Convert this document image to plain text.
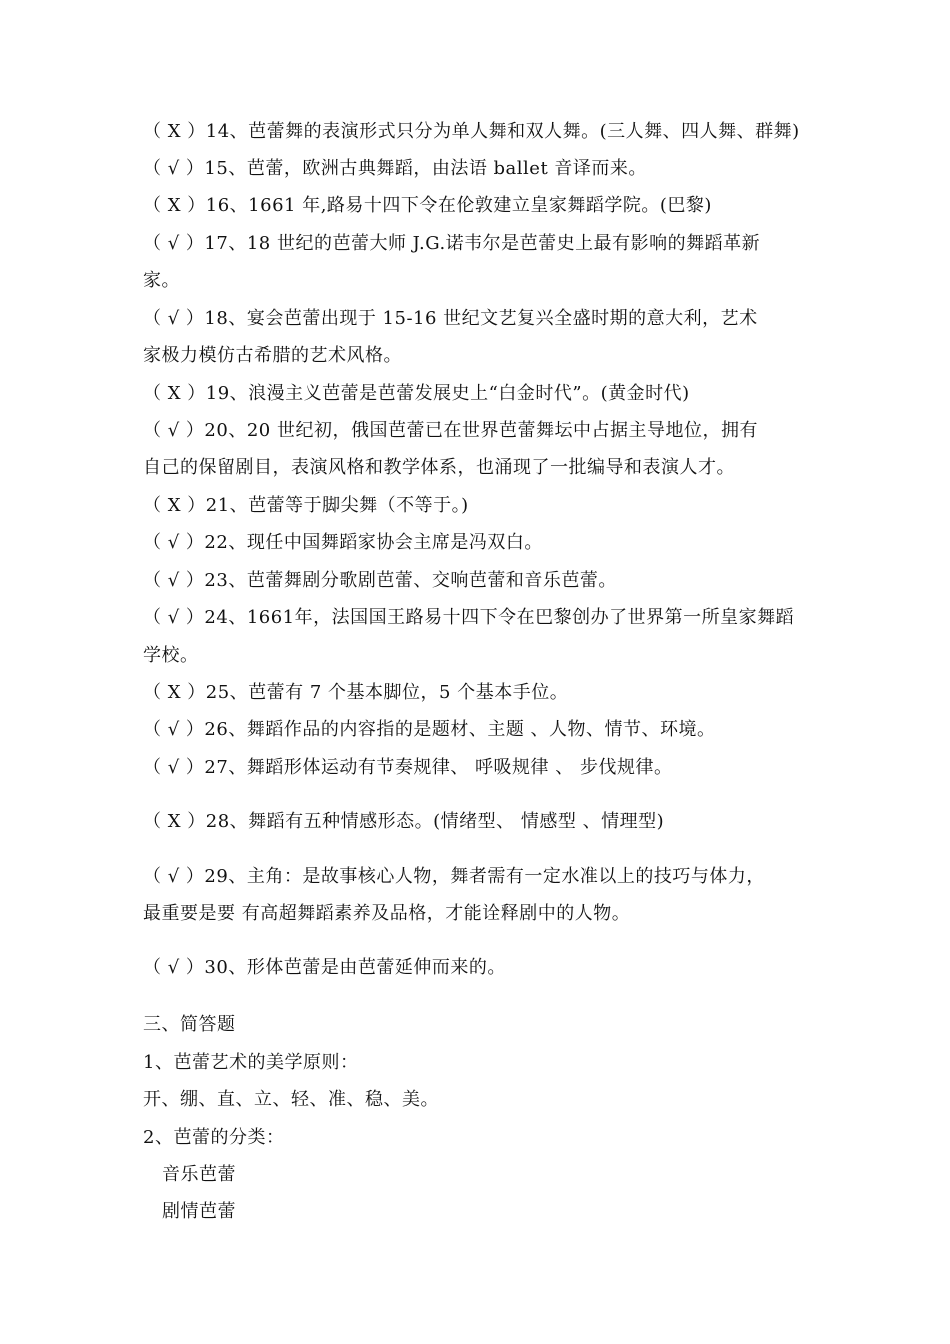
（ X ）14、芭蕾舞的表演形式只分为单人舞和双人舞。(三人舞、四人舞、群舞)
（ √ ）15、芭蕾，欧洲古典舞蹈，由法语 ballet 音译而来。
（ X ）16、1661 年,路易十四下令在伦敦建立皇家舞蹈学院。(巴黎)
（ √ ）17、18 世纪的芭蕾大师 J.G.诺韦尔是芭蕾史上最有影响的舞蹈革新
家。
（ √ ）18、宴会芭蕾出现于 15-16 世纪文艺复兴全盛时期的意大利，艺术
家极力模仿古希腊的艺术风格。
（ X ）19、浪漫主义芭蕾是芭蕾发展史上“白金时代”。(黄金时代)
（ √ ）20、20 世纪初，俄国芭蕾已在世界芭蕾舞坛中占据主导地位，拥有
自己的保留剧目，表演风格和教学体系，也涌现了一批编导和表演人才。
（ X ）21、芭蕾等于脚尖舞（不等于。)
（ √ ）22、现任中国舞蹈家协会主席是冯双白。
（ √ ）23、芭蕾舞剧分歌剧芭蕾、交响芭蕾和音乐芭蕾。
（ √ ）24、1661年，法国国王路易十四下令在巴黎创办了世界第一所皇家舞蹈
学校。
（ X ）25、芭蕾有 7 个基本脚位，5 个基本手位。
（ √ ）26、舞蹈作品的内容指的是题材、主题 、人物、情节、环境。
（ √ ）27、舞蹈形体运动有节奏规律、 呼吸规律 、 步伐规律。
（ X ）28、舞蹈有五种情感形态。(情绪型、 情感型 、情理型)
（ √ ）29、主角：是故事核心人物，舞者需有一定水准以上的技巧与体力，
最重要是要 有高超舞蹈素养及品格，才能诠释剧中的人物。
（ √ ）30、形体芭蕾是由芭蕾延伸而来的。
三、简答题
1、芭蕾艺术的美学原则：
开、绷、直、立、轻、准、稳、美。
2、芭蕾的分类：
音乐芭蕾
剧情芭蕾
